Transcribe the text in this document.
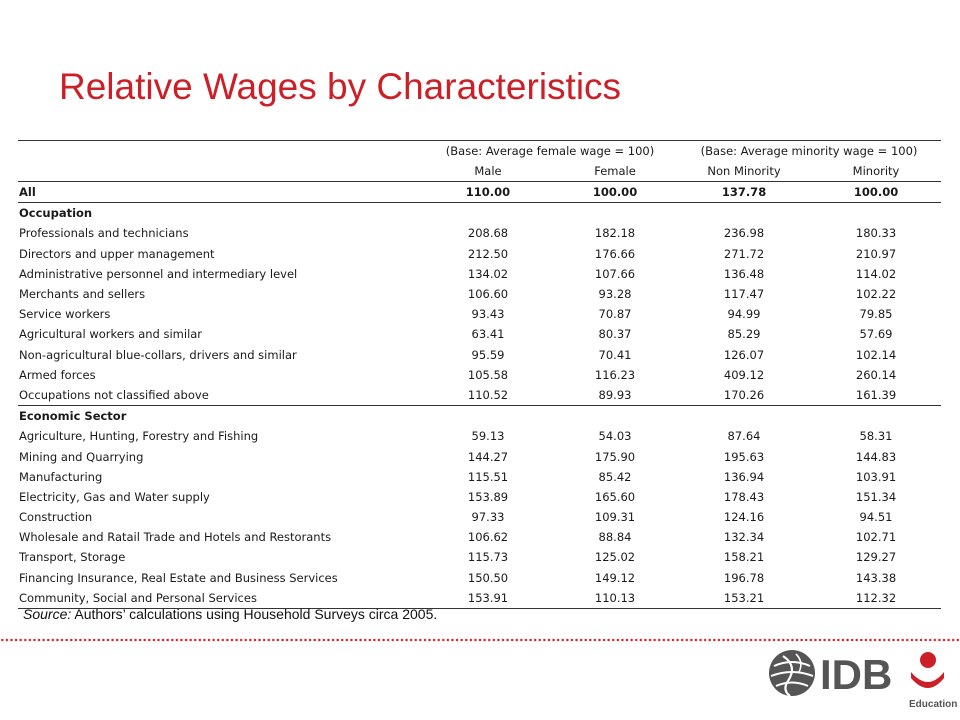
Relative Wages by Characteristics
	(Base: Average female wage = 100)		(Base: Average minority wage = 100)	
	Male	Female	Non Minority	Minority
All	110.00	100.00	137.78	100.00
Occupation				
Professionals and technicians	208.68	182.18	236.98	180.33
Directors and upper management	212.50	176.66	271.72	210.97
Administrative personnel and intermediary level	134.02	107.66	136.48	114.02
Merchants and sellers	106.60	93.28	117.47	102.22
Service workers	93.43	70.87	94.99	79.85
Agricultural workers and similar	63.41	80.37	85.29	57.69
Non-agricultural blue-collars, drivers and similar	95.59	70.41	126.07	102.14
Armed forces	105.58	116.23	409.12	260.14
Occupations not classified above	110.52	89.93	170.26	161.39
Economic Sector				
Agriculture, Hunting, Forestry and Fishing	59.13	54.03	87.64	58.31
Mining and Quarrying	144.27	175.90	195.63	144.83
Manufacturing	115.51	85.42	136.94	103.91
Electricity, Gas and Water supply	153.89	165.60	178.43	151.34
Construction	97.33	109.31	124.16	94.51
Wholesale and Ratail Trade and Hotels and Restorants	106.62	88.84	132.34	102.71
Transport, Storage	115.73	125.02	158.21	129.27
Financing Insurance, Real Estate and Business Services	150.50	149.12	196.78	143.38
Community, Social and Personal Services	153.91	110.13	153.21	112.32
Source: Authors’ calculations using Household Surveys circa 2005.
IDB
Education
